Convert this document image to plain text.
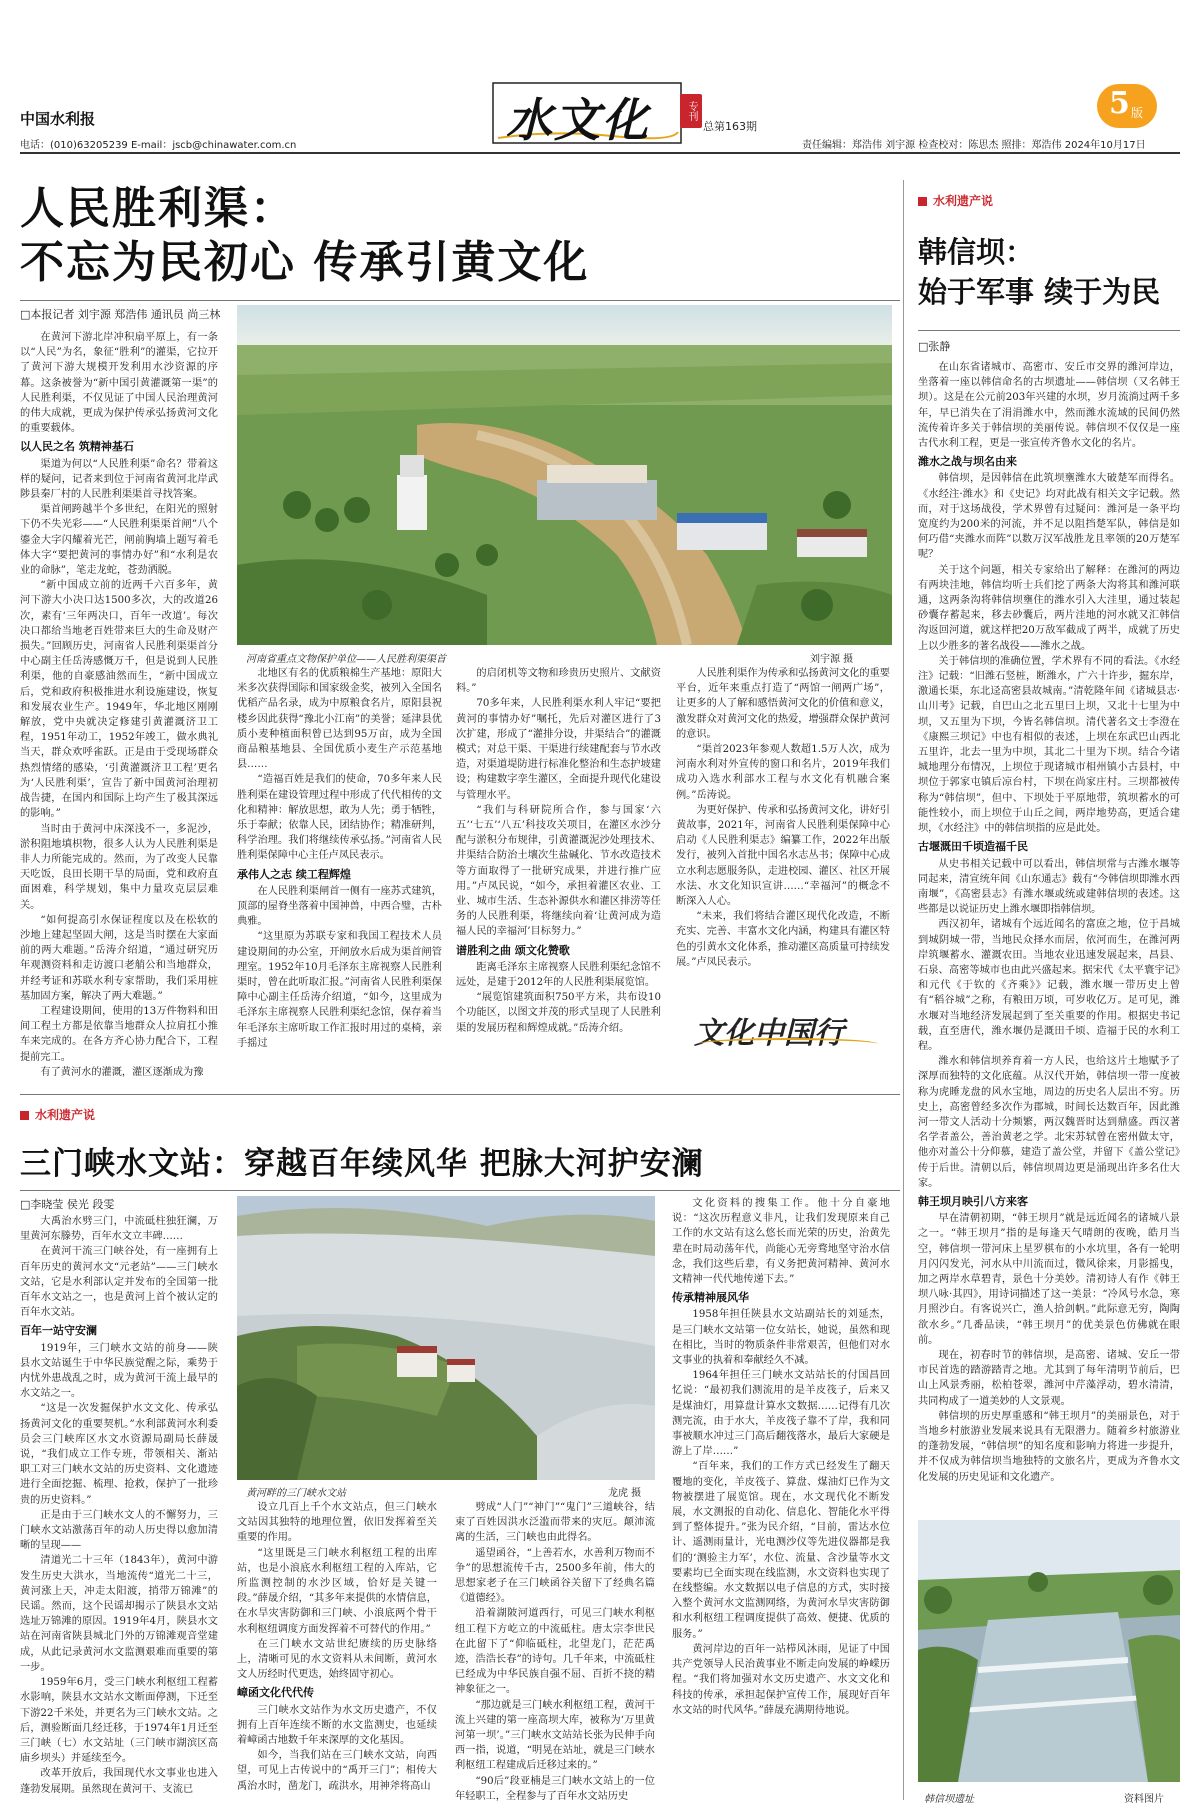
中国水利报
电话：(010)63205239 E-mail：jscb@chinawater.com.cn	水文化	专刊
总第163期
5 版
责任编辑：郑浩伟 刘宇源 检查校对：陈思杰 照排：郑浩伟 2024年10月17日
人民胜利渠：
不忘为民初心 传承引黄文化
□本报记者 刘宇源 郑浩伟 通讯员 尚三林
河南省重点文物保护单位——人民胜利渠渠首	刘宇源 摄

在黄河下游北岸冲积扇平原上，有一条以“人民”为名，象征“胜利”的灌渠，它拉开了黄河下游大规模开发利用水沙资源的序幕。这条被誉为“新中国引黄灌溉第一渠”的人民胜利渠，不仅见证了中国人民治理黄河的伟大成就，更成为保护传承弘扬黄河文化的重要载体。

以人民之名 筑精神基石

渠道为何以“人民胜利渠”命名？带着这样的疑问，记者来到位于河南省黄河北岸武陟县秦厂村的人民胜利渠渠首寻找答案。

渠首闸跨越半个多世纪，在阳光的照射下仍不失光彩——“人民胜利渠渠首闸”八个鎏金大字闪耀着光芒，闸前胸墙上题写着毛体大字“要把黄河的事情办好”和“水利是农业的命脉”，笔走龙蛇，苍劲洒脱。

“新中国成立前的近两千六百多年，黄河下游大小决口达1500多次，大的改道26次，素有‘三年两决口，百年一改道’。每次决口都给当地老百姓带来巨大的生命及财产损失。”回顾历史，河南省人民胜利渠渠首分中心副主任岳涛感慨万千，但是说到人民胜利渠，他的自豪感油然而生，“新中国成立后，党和政府积极推进水利设施建设，恢复和发展农业生产。1949年，华北地区刚刚解放，党中央就决定修建引黄灌溉济卫工程，1951年动工，1952年竣工，做水典礼当天，群众欢呼雀跃。正是由于受现场群众热烈情绪的感染，‘引黄灌溉济卫工程’更名为‘人民胜利渠’，宣告了新中国黄河治理初战告捷，在国内和国际上均产生了极其深远的影响。”

当时由于黄河中床深浅不一，多泥沙，淤积阻地填枳物，很多人认为人民胜利渠是非人力所能完成的。然而，为了改变人民靠天吃饭，良田长期干旱的局面，党和政府直面困难，科学规划，集中力量攻克层层难关。

“如何提高引水保证程度以及在松软的沙地上建起坚固大闸，这是当时摆在大家面前的两大难题。”岳涛介绍道，“通过研究历年观测资料和走访渡口老艄公和当地群众，并经考证和苏联水利专家帮助，我们采用桩基加固方案，解决了两大难题。”

工程建设期间，使用的13万件物料和田间工程土方都是依靠当地群众人拉肩扛小推车来完成的。在各方齐心协力配合下，工程提前完工。

有了黄河水的灌溉，灌区逐渐成为豫

北地区有名的优质粮棉生产基地：原阳大米多次获得国际和国家级金奖，被列入全国名优稻产品名录，成为中原粮食名片，原阳县祝楼乡因此获得“豫北小江南”的美誉；延津县优质小麦种植面积曾已达到95万亩，成为全国商品粮基地县、全国优质小麦生产示范基地县……

“造福百姓是我们的使命，70多年来人民胜利渠在建设管理过程中形成了代代相传的文化和精神：解放思想，敢为人先；勇于牺牲，乐于奉献；依靠人民，团结协作；精准研判，科学治理。我们将继续传承弘扬。”河南省人民胜利渠保障中心主任卢凤民表示。

承伟人之志 续工程辉煌

在人民胜利渠闸首一侧有一座苏式建筑，顶部的屋脊坐落着中国神兽，中西合璧，古朴典雅。

“这里原为苏联专家和我国工程技术人员建设期间的办公室，开闸放水后成为渠首闸管理室。1952年10月毛泽东主席视察人民胜利渠时，曾在此听取汇报。”河南省人民胜利渠保障中心副主任岳涛介绍道，“如今，这里成为毛泽东主席视察人民胜利渠纪念馆，保存着当年毛泽东主席听取工作汇报时用过的桌椅，亲手摇过

的启闭机等文物和珍贵历史照片、文献资料。”

70多年来，人民胜利渠水利人牢记“要把黄河的事情办好”嘱托，先后对灌区进行了3次扩建，形成了“灌排分设，井渠结合”的灌溉模式；对总干渠、干渠进行续建配套与节水改造，对渠道堤防进行标准化整治和生态护坡建设；构建数字孪生灌区，全面提升现代化建设与管理水平。

“我们与科研院所合作，参与国家‘六五’‘七五’‘八五’科技攻关项目，在灌区水沙分配与淤积分布规律，引黄灌溉泥沙处理技术、井渠结合防治土壤次生盐碱化、节水改造技术等方面取得了一批研究成果，并进行推广应用。”卢凤民说，“如今，承担着灌区农业、工业、城市生活、生态补源供水和灌区排涝等任务的人民胜利渠，将继续向着‘让黄河成为造福人民的幸福河’目标努力。”

谱胜利之曲 颂文化赞歌

距离毛泽东主席视察人民胜利渠纪念馆不远处，是建于2012年的人民胜利渠展览馆。

“展览馆建筑面积750平方米，共布设10个功能区，以图文并茂的形式呈现了人民胜利渠的发展历程和辉煌成就。”岳涛介绍。

人民胜利渠作为传承和弘扬黄河文化的重要平台，近年来重点打造了“两馆一闸两广场”，让更多的人了解和感悟黄河文化的价值和意义，激发群众对黄河文化的热爱，增强群众保护黄河的意识。

“渠首2023年参观人数超1.5万人次，成为河南水利对外宣传的窗口和名片，2019年我们成功入选水利部水工程与水文化有机融合案例。”岳涛说。

为更好保护、传承和弘扬黄河文化，讲好引黄故事，2021年，河南省人民胜利渠保障中心启动《人民胜利渠志》编纂工作，2022年出版发行，被列入首批中国名水志丛书；保障中心成立水利志愿服务队，走进校园、灌区、社区开展水法、水文化知识宣讲……“幸福河”的概念不断深入人心。

“未来，我们将结合灌区现代化改造，不断充实、完善、丰富水文化内涵，构建具有灌区特色的引黄水文化体系，推动灌区高质量可持续发展。”卢凤民表示。

文化中国行
水利遗产说
三门峡水文站：穿越百年续风华 把脉大河护安澜
□李晓莹 侯光 段雯
黄河畔的三门峡水文站	龙虎 摄

大禹治水劈三门，中流砥柱独狂澜，万里黄河东滕势，百年水文立丰碑……

在黄河干流三门峡谷处，有一座拥有上百年历史的黄河水文“元老站”——三门峡水文站，它是水利部认定并发布的全国第一批百年水文站之一，也是黄河上首个被认定的百年水文站。

百年一站守安澜

1919年，三门峡水文站的前身——陕县水文站诞生于中华民族觉醒之际，乘势于内忧外患战乱之时，成为黄河干流上最早的水文站之一。

“这是一次发掘保护水文文化、传承弘扬黄河文化的重要契机。”水利部黄河水利委员会三门峡库区水文水资源局副局长薛晟说，“我们成立工作专班，带领相关、渐站职工对三门峡水文站的历史资料、文化遗迹进行全面挖掘、梳理、抢救，保护了一批珍贵的历史资料。”

正是由于三门峡水文人的不懈努力，三门峡水文站激荡百年的动人历史得以愈加清晰的呈现——

清道光二十三年（1843年），黄河中游发生历史大洪水，当地流传“道光二十三，黄河涨上天，冲走太阳渡，捎带万锦滩”的民谣。然而，这个民谣却揭示了陕县水文站选址万锦滩的原因。1919年4月，陕县水文站在河南省陕县城北门外的万锦滩观音堂建成，从此记录黄河水文监测艰难而重要的第一步。

1959年6月，受三门峡水利枢纽工程蓄水影响，陕县水文站水文断面停测，下迁至下游22千米处，并更名为三门峡水文站。之后，测验断面几经迁移，于1974年1月迁至三门峡（七）水文站址（三门峡市湖滨区高庙乡坝头）并延续至今。

改革开放后，我国现代水文事业也进入蓬勃发展期。虽然现在黄河干、支流已

设立几百上千个水文站点，但三门峡水文站因其独特的地理位置，依旧发挥着至关重要的作用。

“这里既是三门峡水利枢纽工程的出库站，也是小浪底水利枢纽工程的入库站，它所监测控制的水沙区域，恰好是关键一段。”薛晟介绍，“其多年来提供的水情信息，在水旱灾害防御和三门峡、小浪底两个骨干水利枢纽调度方面发挥着不可替代的作用。”

在三门峡水文站世纪赓续的历史脉络上，清晰可见的水文资料从未间断，黄河水文人历经时代更迭，始终固守初心。

嶂函文化代代传

三门峡水文站作为水文历史遗产，不仅拥有上百年连续不断的水文监测史，也延续着嶂函古地数千年来深厚的文化基因。

如今，当我们站在三门峡水文站，向西望，可见上古传说中的“禹开三门”；相传大禹治水时，凿龙门，疏洪水，用神斧将高山

劈成“人门”“神门”“鬼门”三道峡谷，结束了百姓因洪水泛滥而带来的灾厄。颠沛流离的生活，三门峡也由此得名。

遥望函谷，“上善若水，水善利万物而不争”的思想流传千古，2500多年前，伟大的思想家老子在三门峡函谷关留下了经典名篇《道德经》。

沿着湖陂河道西行，可见三门峡水利枢纽工程下方屹立的中流砥柱。唐太宗李世民在此留下了“仰临砥柱，北望龙门，茫茫禹迹，浩浩长春”的诗句。几千年来，中流砥柱已经成为中华民族自强不屈、百折不挠的精神象征之一。

“那边就是三门峡水利枢纽工程，黄河干流上兴建的第一座高坝大库，被称为‘万里黄河第一坝’。”三门峡水文站站长张为民伸手向西一指，说道，“明晃在站址，就是三门峡水利枢纽工程建成后迁移过来的。”

“90后”段亚楠是三门峡水文站上的一位年轻职工，全程参与了百年水文站历史

文化资料的搜集工作。他十分自豪地说：“这次历程意义非凡，让我们发现原来自己工作的水文站有这么悠长而光荣的历史，治黄先辈在时局动荡年代，尚能心无旁骛地坚守治水信念，我们这些后辈，有义务把黄河精神、黄河水文精神一代代地传递下去。”

传承精神展风华

1958年担任陕县水文站副站长的刘延杰，是三门峡水文站第一位女站长，她说，虽然和现在相比，当时的物质条件非常艰苦，但他们对水文事业的执着和奉献经久不减。

1964年担任三门峡水文站站长的付国昌回忆说：“最初我们测流用的是羊皮筏子，后来又是煤油灯，用算盘计算水文数据……记得有几次测完流，由于水大，羊皮筏子靠不了岸，我和同事被顺水冲过三门高后翻筏落水，最后大家硬是游上了岸……”

“百年来，我们的工作方式已经发生了翻天覆地的变化，羊皮筏子、算盘、煤油灯已作为文物被摆进了展览馆。现在，水文现代化不断发展，水文测报的自动化、信息化、智能化水平得到了整体提升。”张为民介绍，“目前，雷达水位计、遥测雨量计，光电测沙仪等先进仪器都是我们的‘测验主力军’，水位、流量、含沙量等水文要素均已全面实现在线监测，水文资料也实现了在线整编。水文数据以电子信息的方式，实时接入整个黄河水文监测网络，为黄河水旱灾害防御和水利枢纽工程调度提供了高效、便捷、优质的服务。”

黄河岸边的百年一站栉风沐雨，见证了中国共产党领导人民治黄事业不断走向发展的峥嵘历程。“我们将加强对水文历史遗产、水文文化和科技的传承，承担起保护宣传工作，展现好百年水文站的时代风华。”薛晟充满期待地说。

水利遗产说
韩信坝：
始于军事 续于为民
□张静

在山东省诸城市、高密市、安丘市交界的潍河岸边，坐落着一座以韩信命名的古坝遗址——韩信坝（又名韩王坝）。这是在公元前203年兴建的水坝，岁月流淌过两千多年，早已消失在了涓涓潍水中，然而潍水流域的民间仍然流传着许多关于韩信坝的美丽传说。韩信坝不仅仅是一座古代水利工程，更是一张宣传齐鲁水文化的名片。

潍水之战与坝名由来

韩信坝，是因韩信在此筑坝壅潍水大破楚军而得名。《水经注·潍水》和《史记》均对此战有相关文字记载。然而，对于这场战役，学术界曾有过疑问：潍河是一条平均宽度约为200米的河流，并不足以阻挡楚军队，韩信是如何巧借“夹潍水而阵”以数万汉军战胜龙且率领的20万楚军呢？

关于这个问题，相关专家给出了解释：在潍河的两边有两块洼地，韩信均听士兵们挖了两条大沟将其和潍河联通，这两条沟将韩信坝壅住的潍水引入大洼里，通过装起砂囊存蓄起来，移去砂囊后，两片洼地的河水就又汇韩信沟返回河道，就这样把20万敌军截成了两半，成就了历史上以少胜多的著名战役——潍水之战。

关于韩信坝的准确位置，学术界有不同的看法。《水经注》记载：“旧潍石竖桩，断潍水，广六十许步，掘东岸，激通长渠，东北迳高密县故城南。”清乾隆年间《诸城县志·山川考》记载，自巴山之北五里曰上坝，又北十七里为中坝，又五里为下坝，今皆名韩信坝。清代著名文士李澄在《康熙三坝记》中也有相似的表述，上坝在东武巴山西北五里许，北去一里为中坝，其北二十里为下坝。结合今诸城地理分布情况，上坝位于现诸城市相州镇小古县村，中坝位于郭家屯镇后凉台村，下坝在尚家庄村。三坝都被传称为“韩信坝”，但中、下坝处于平原地带，筑坝蓄水的可能性较小，而上坝位于山丘之间，两岸地势高，更适合建坝，《水经注》中的韩信坝指的应是此处。

古堰溉田千顷造福千民

从史书相关记载中可以看出，韩信坝常与古潍水堰等同起来，清宣统年间《山东通志》载有“今韩信坝即潍水西南堰”，《高密县志》有潍水堰或统或建韩信坝的表述。这些都是以说证历史上潍水堰即指韩信坝。

西汉初年，诸城有个远近闻名的富庶之地，位于昌城到城阴城一带，当地民众择水而居，依河而生，在潍河两岸筑堰蓄水、灌溉农田。当地农业迅速发展起来，昌县、石泉、高密等城市也由此兴盛起来。据宋代《太平寰宇记》和元代《于钦的《齐乘》》记载，潍水堰一带历史上曾有“稻谷城”之称，有粮田万顷，可岁收亿万。足可见，潍水堰对当地经济发展起到了至关重要的作用。根据史书记载，直至唐代，潍水堰仍是溉田千顷、造福于民的水利工程。

潍水和韩信坝养育着一方人民，也给这片土地赋予了深厚而独特的文化底蕴。从汉代开始，韩信坝一带一度被称为虎睡龙盘的风水宝地，周边的历史名人层出不穷。历史上，高密曾经多次作为郡城，时间长达数百年，因此潍河一带文人活动十分频繁，两汉魏晋时达到鼎盛。西汉著名学者盖公，善治黄老之学。北宋苏轼曾在密州做太守，他亦对盖公十分仰慕，建造了盖公堂，并留下《盖公堂记》传于后世。清朝以后，韩信坝周边更是涌现出许多名仕大家。

韩王坝月映引八方来客

早在清朝初期，“韩王坝月”就是远近闻名的诸城八景之一。“韩王坝月”指的是每逢天气晴朗的夜晚，皓月当空，韩信坝一带河床上星罗棋布的小水坑里，各有一轮明月闪闪发光，河水从中川流而过，微风徐来，月影摇曳，加之两岸水草碧青，景色十分美妙。清初诗人有作《韩王坝八咏·其四》，用诗词描述了这一美景：“冷风号水急，寒月照沙白。有客说兴亡，渔人拾剑帆。”此际意无穷，陶陶欲水乡。”几番品读，“韩王坝月”的优美景色仿佛就在眼前。

现在，初春时节的韩信坝，是高密、诸城、安丘一带市民首选的踏游踏青之地。尤其到了每年清明节前后，巴山上风景秀丽，松柏苍翠，潍河中芹藻浮动，碧水清清，共同构成了一道美妙的人文景观。

韩信坝的历史厚重感和“韩王坝月”的美丽景色，对于当地乡村旅游业发展来说具有无限潜力。随着乡村旅游业的蓬勃发展，“韩信坝”的知名度和影响力将进一步提升，并不仅成为韩信坝当地独特的文旅名片，更成为齐鲁水文化发展的历史见证和文化遗产。

韩信坝遗址	资料图片
